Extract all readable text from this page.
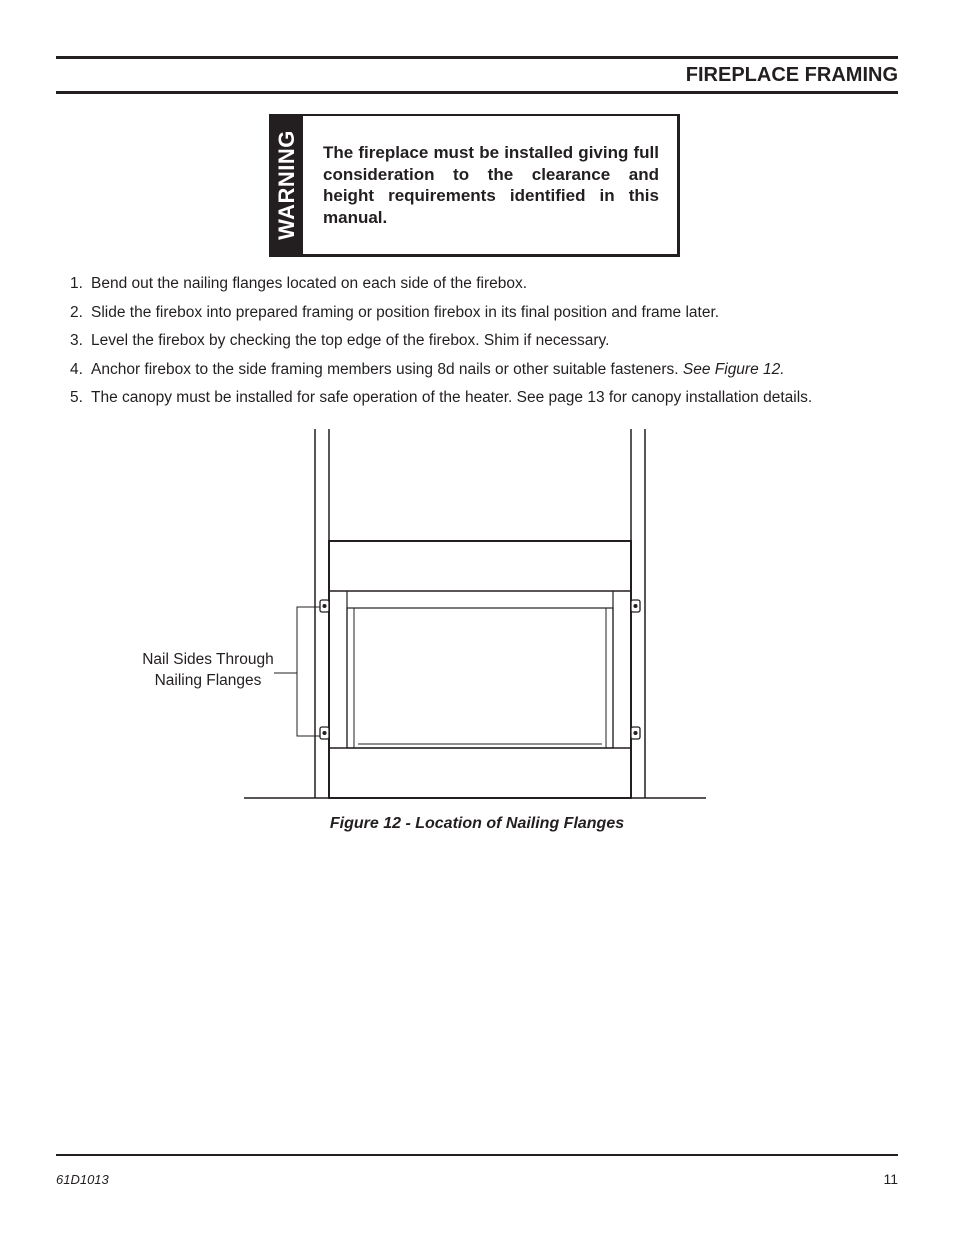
FIREPLACE FRAMING
WARNING The fireplace must be installed giving full consideration to the clearance and height requirements identified in this manual.
1. Bend out the nailing flanges located on each side of the firebox.
2. Slide the firebox into prepared framing or position firebox in its final position and frame later.
3. Level the firebox by checking the top edge of the firebox. Shim if necessary.
4. Anchor firebox to the side framing members using 8d nails or other suitable fasteners. See Figure 12.
5. The canopy must be installed for safe operation of the heater. See page 13 for canopy installation details.
Nail Sides Through Nailing Flanges
Figure 12 - Location of Nailing Flanges
61D1013	11
